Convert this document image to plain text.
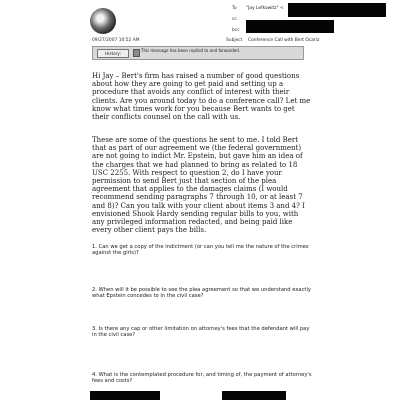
09/27/2007 10:52 AM
To "Jay Lefkowitz" <
cc
bcc
Subject Conference Call with Bert Ocariz
History:
This message has been replied to and forwarded.

Hi Jay – Bert's firm has raised a number of good questions about how they are going to get paid and setting up a procedure that avoids any conflict of interest with their clients. Are you around today to do a conference call? Let me know what times work for you because Bert wants to get their conflicts counsel on the call with us.

These are some of the questions he sent to me. I told Bert that as part of our agreement we (the federal government) are not going to indict Mr. Epstein, but gave him an idea of the charges that we had planned to bring as related to 18 USC 2255. With respect to question 2, do I have your permission to send Bert just that section of the plea agreement that applies to the damages claims (I would recommend sending paragraphs 7 through 10, or at least 7 and 8)? Can you talk with your client about items 3 and 4? I envisioned Shook Hardy sending regular bills to you, with any privileged information redacted, and being paid like every other client pays the bills.

1. Can we get a copy of the indictment (or can you tell me the nature of the crimes against the girls)?

2. When will it be possible to see the plea agreement so that we understand exactly what Epstein concedes to in the civil case?

3. Is there any cap or other limitation on attorney's fees that the defendant will pay in the civil case?

4. What is the contemplated procedure for, and timing of, the payment of attorney's fees and costs?
